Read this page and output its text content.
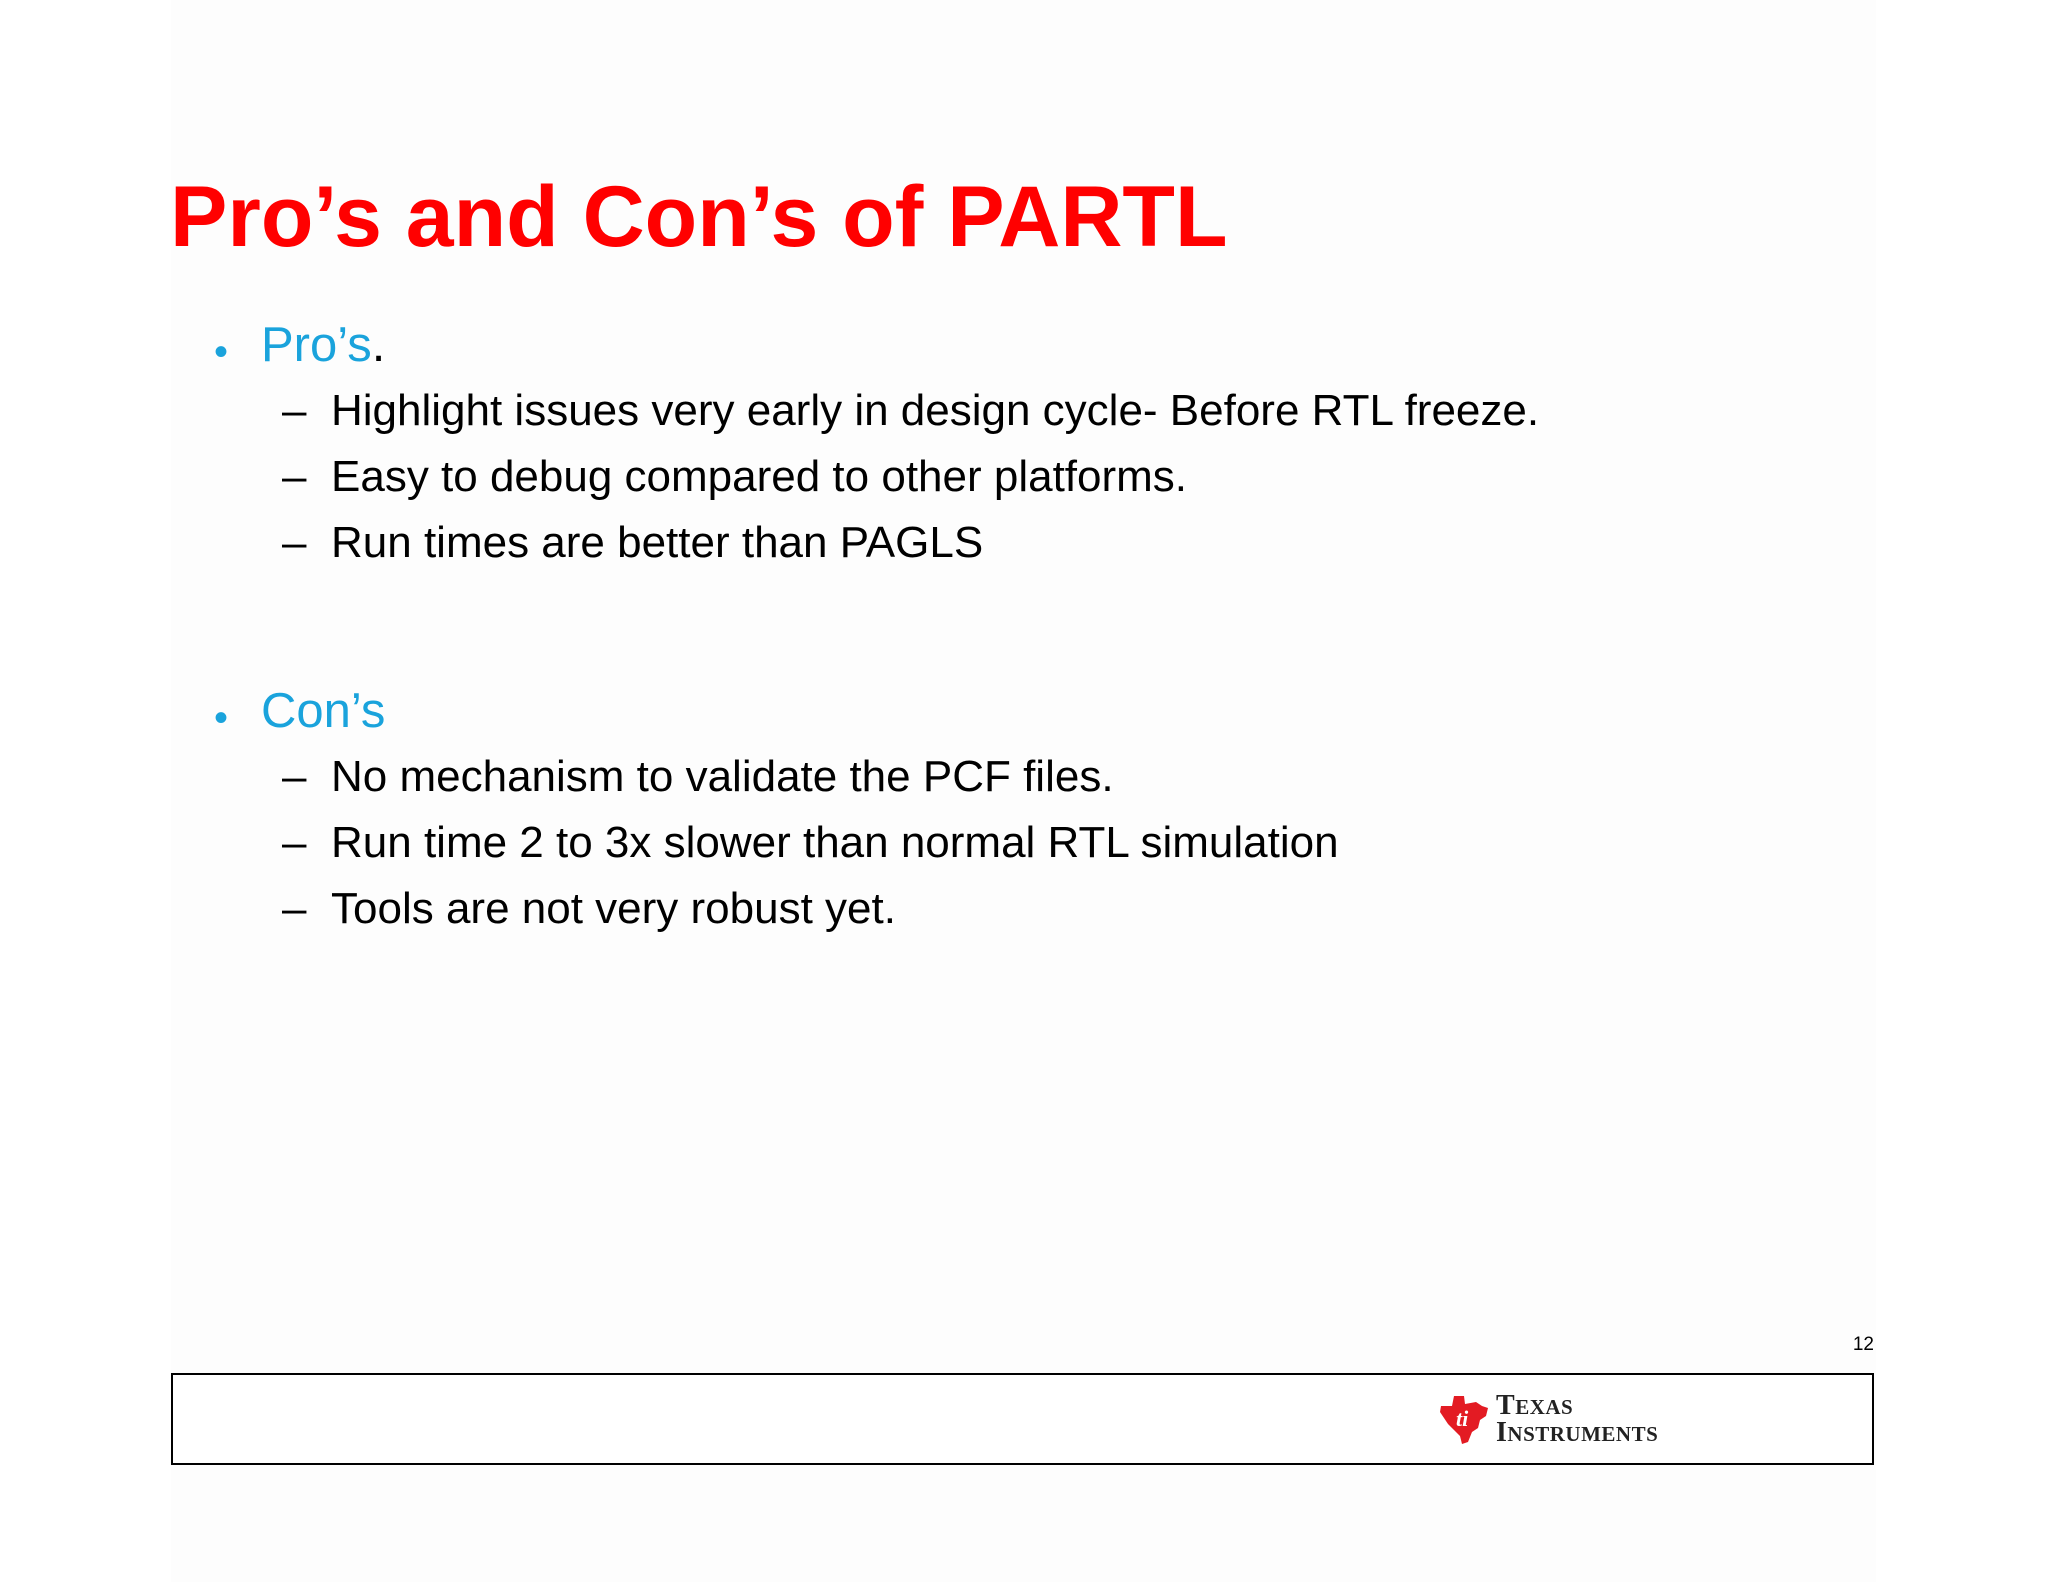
Pro’s and Con’s of PARTL
• Pro’s.
– Highlight issues very early in design cycle- Before RTL freeze.
– Easy to debug compared to other platforms.
– Run times are better than PAGLS
• Con’s
– No mechanism to validate the PCF files.
– Run time 2 to 3x slower than normal RTL simulation
– Tools are not very robust yet.
12
ti TEXAS
INSTRUMENTS
